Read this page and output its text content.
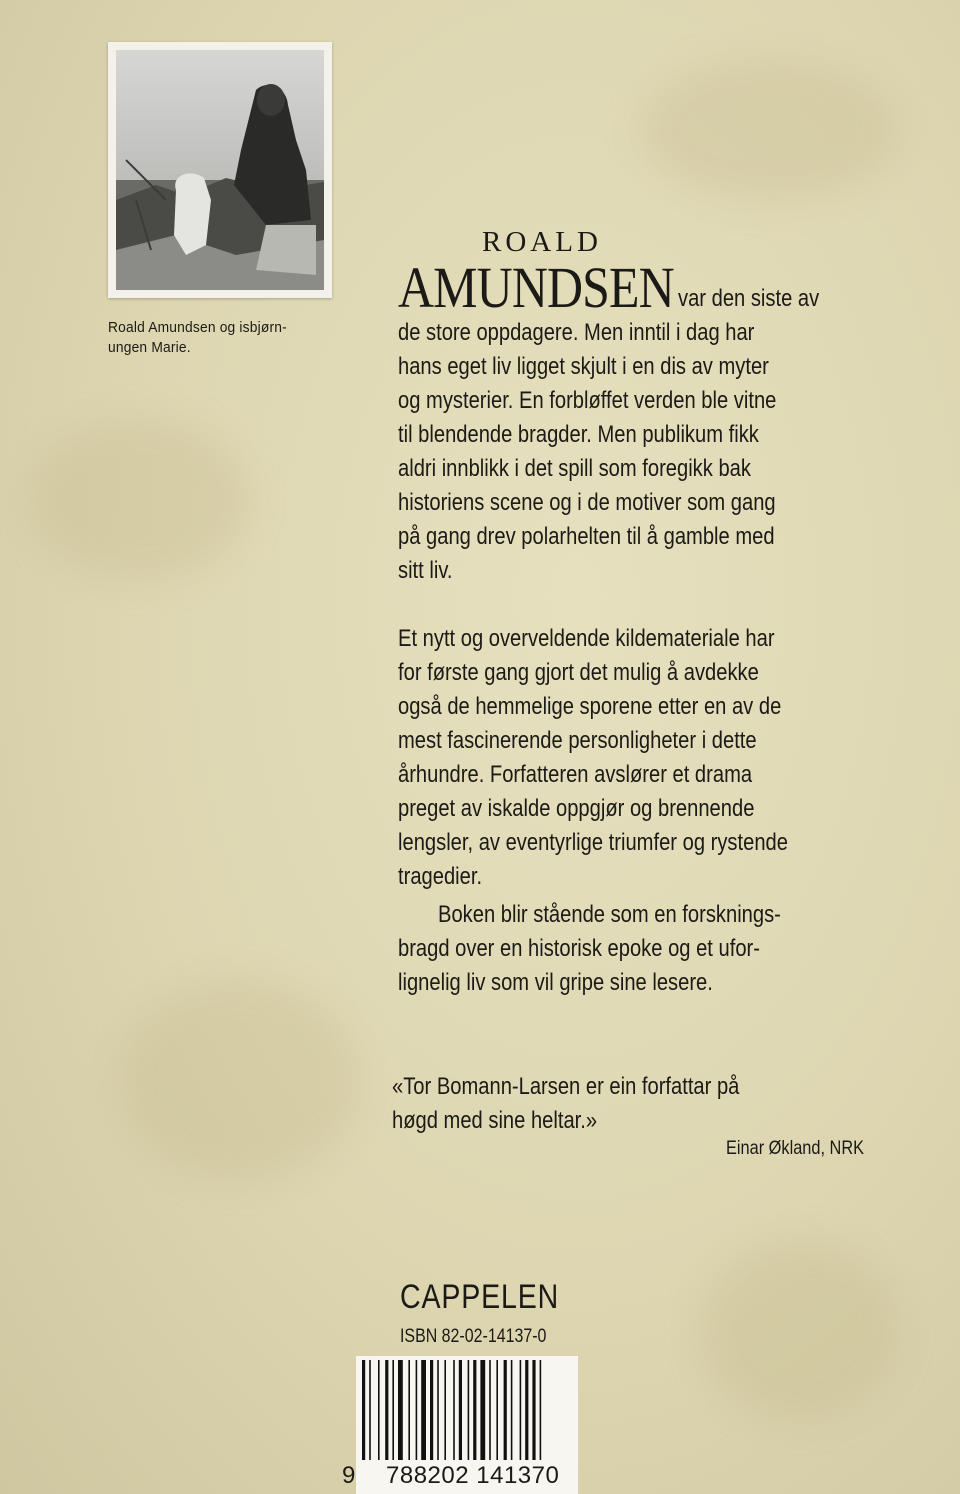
Roald Amundsen og isbjørn-
ungen Marie.
ROALD
AMUNDSEN var den siste av
de store oppdagere. Men inntil i dag har
hans eget liv ligget skjult i en dis av myter
og mysterier. En forbløffet verden ble vitne
til blendende bragder. Men publikum fikk
aldri innblikk i det spill som foregikk bak
historiens scene og i de motiver som gang
på gang drev polarhelten til å gamble med
sitt liv.
Et nytt og overveldende kildemateriale har
for første gang gjort det mulig å avdekke
også de hemmelige sporene etter en av de
mest fascinerende personligheter i dette
århundre. Forfatteren avslører et drama
preget av iskalde oppgjør og brennende
lengsler, av eventyrlige triumfer og rystende
tragedier.
Boken blir stående som en forsknings-
bragd over en historisk epoke og et ufor-
lignelig liv som vil gripe sine lesere.
«Tor Bomann-Larsen er ein forfattar på
høgd med sine heltar.»
Einar Økland, NRK
CAPPELEN
ISBN 82-02-14137-0
9 788202 141370
